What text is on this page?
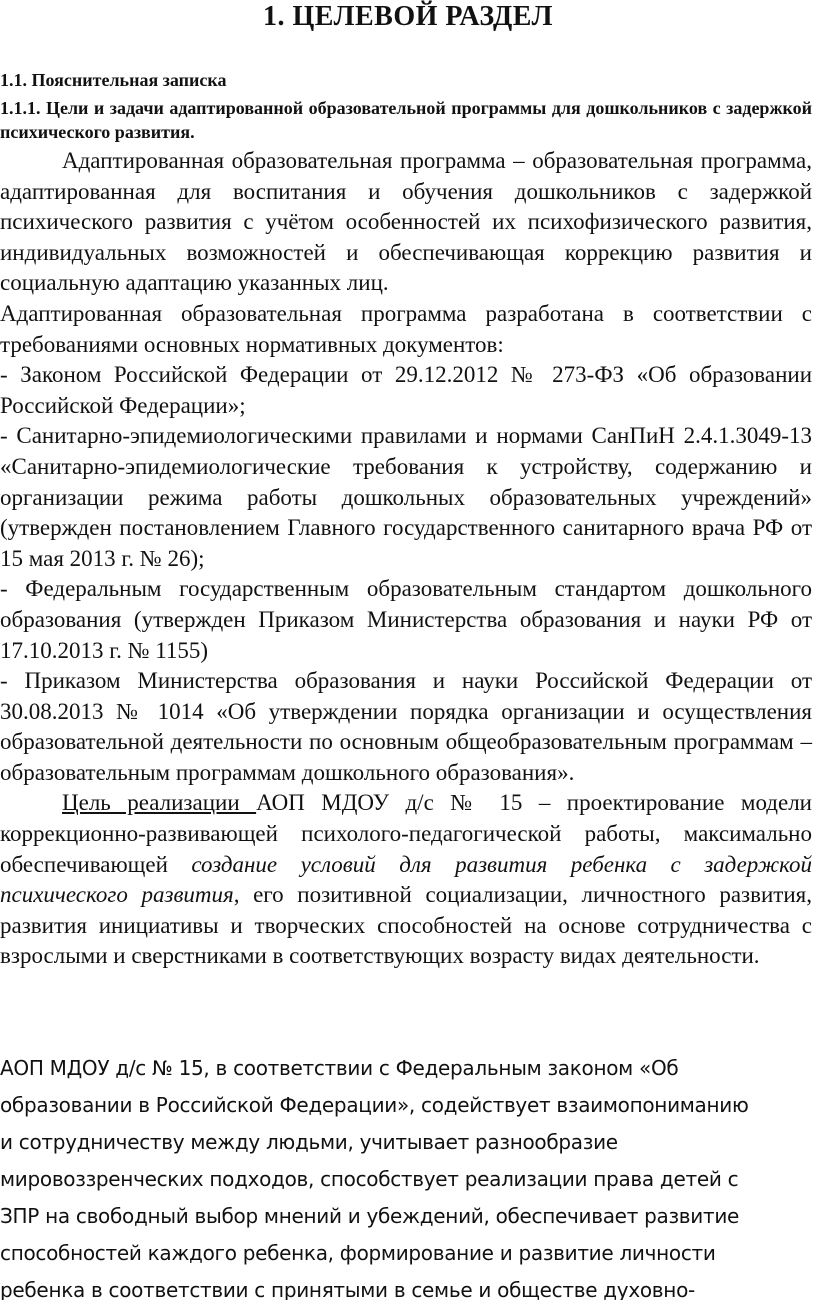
1. ЦЕЛЕВОЙ РАЗДЕЛ
1.1. Пояснительная записка
1.1.1. Цели и задачи адаптированной образовательной программы для дошкольников с задержкой психического развития.

Адаптированная образовательная программа – образовательная программа, адаптированная для воспитания и обучения дошкольников с задержкой психического развития с учётом особенностей их психофизического развития, индивидуальных возможностей и обеспечивающая коррекцию развития и социальную адаптацию указанных лиц.

Адаптированная образовательная программа разработана в соответствии с требованиями основных нормативных документов:

- Законом Российской Федерации от 29.12.2012 № 273-ФЗ «Об образовании Российской Федерации»;

- Санитарно-эпидемиологическими правилами и нормами СанПиН 2.4.1.3049-13 «Санитарно-эпидемиологические требования к устройству, содержанию и организации режима работы дошкольных образовательных учреждений» (утвержден постановлением Главного государственного санитарного врача РФ от 15 мая 2013 г. № 26);

- Федеральным государственным образовательным стандартом дошкольного образования (утвержден Приказом Министерства образования и науки РФ от 17.10.2013 г. № 1155)

- Приказом Министерства образования и науки Российской Федерации от 30.08.2013 № 1014 «Об утверждении порядка организации и осуществления образовательной деятельности по основным общеобразовательным программам – образовательным программам дошкольного образования».

Цель реализации АОП МДОУ д/с № 15 – проектирование модели коррекционно-развивающей психолого-педагогической работы, максимально обеспечивающей создание условий для развития ребенка с задержкой психического развития, его позитивной социализации, личностного развития, развития инициативы и творческих способностей на основе сотрудничества с взрослыми и сверстниками в соответствующих возрасту видах деятельности.

АОП МДОУ д/с № 15, в соответствии с Федеральным законом «Об

образовании в Российской Федерации», содействует взаимопониманию

и сотрудничеству между людьми, учитывает разнообразие

мировоззренческих подходов, способствует реализации права детей с

ЗПР на свободный выбор мнений и убеждений, обеспечивает развитие

способностей каждого ребенка, формирование и развитие личности

ребенка в соответствии с принятыми в семье и обществе духовно-
